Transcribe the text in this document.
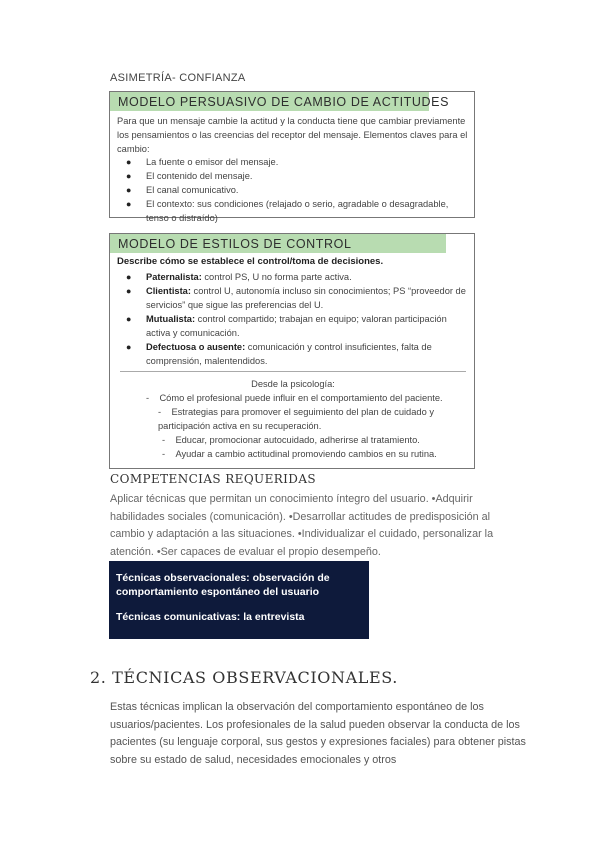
ASIMETRÍA- CONFIANZA
MODELO PERSUASIVO DE CAMBIO DE ACTITUDES
Para que un mensaje cambie la actitud y la conducta tiene que cambiar previamente los pensamientos o las creencias del receptor del mensaje. Elementos claves para el cambio:
● La fuente o emisor del mensaje.
● El contenido del mensaje.
● El canal comunicativo.
● El contexto: sus condiciones (relajado o serio, agradable o desagradable, tenso o distraído)
MODELO DE ESTILOS DE CONTROL
Describe cómo se establece el control/toma de decisiones.
● Paternalista: control PS, U no forma parte activa.
● Clientista: control U, autonomía incluso sin conocimientos; PS “proveedor de servicios” que sigue las preferencias del U.
● Mutualista: control compartido; trabajan en equipo; valoran participación activa y comunicación.
● Defectuosa o ausente: comunicación y control insuficientes, falta de comprensión, malentendidos.
Desde la psicología:
-    Cómo el profesional puede influir en el comportamiento del paciente.
-    Estrategias para promover el seguimiento del plan de cuidado y participación activa en su recuperación.
-    Educar, promocionar autocuidado, adherirse al tratamiento.
-    Ayudar a cambio actitudinal promoviendo cambios en su rutina.
COMPETENCIAS REQUERIDAS
Aplicar técnicas que permitan un conocimiento íntegro del usuario. •Adquirir habilidades sociales (comunicación). •Desarrollar actitudes de predisposición al cambio y adaptación a las situaciones. •Individualizar el cuidado, personalizar la atención. •Ser capaces de evaluar el propio desempeño.
Técnicas observacionales: observación de comportamiento espontáneo del usuario
Técnicas comunicativas: la entrevista
2. TÉCNICAS OBSERVACIONALES.
Estas técnicas implican la observación del comportamiento espontáneo de los usuarios/pacientes. Los profesionales de la salud pueden observar la conducta de los pacientes (su lenguaje corporal, sus gestos y expresiones faciales) para obtener pistas sobre su estado de salud, necesidades emocionales y otros
